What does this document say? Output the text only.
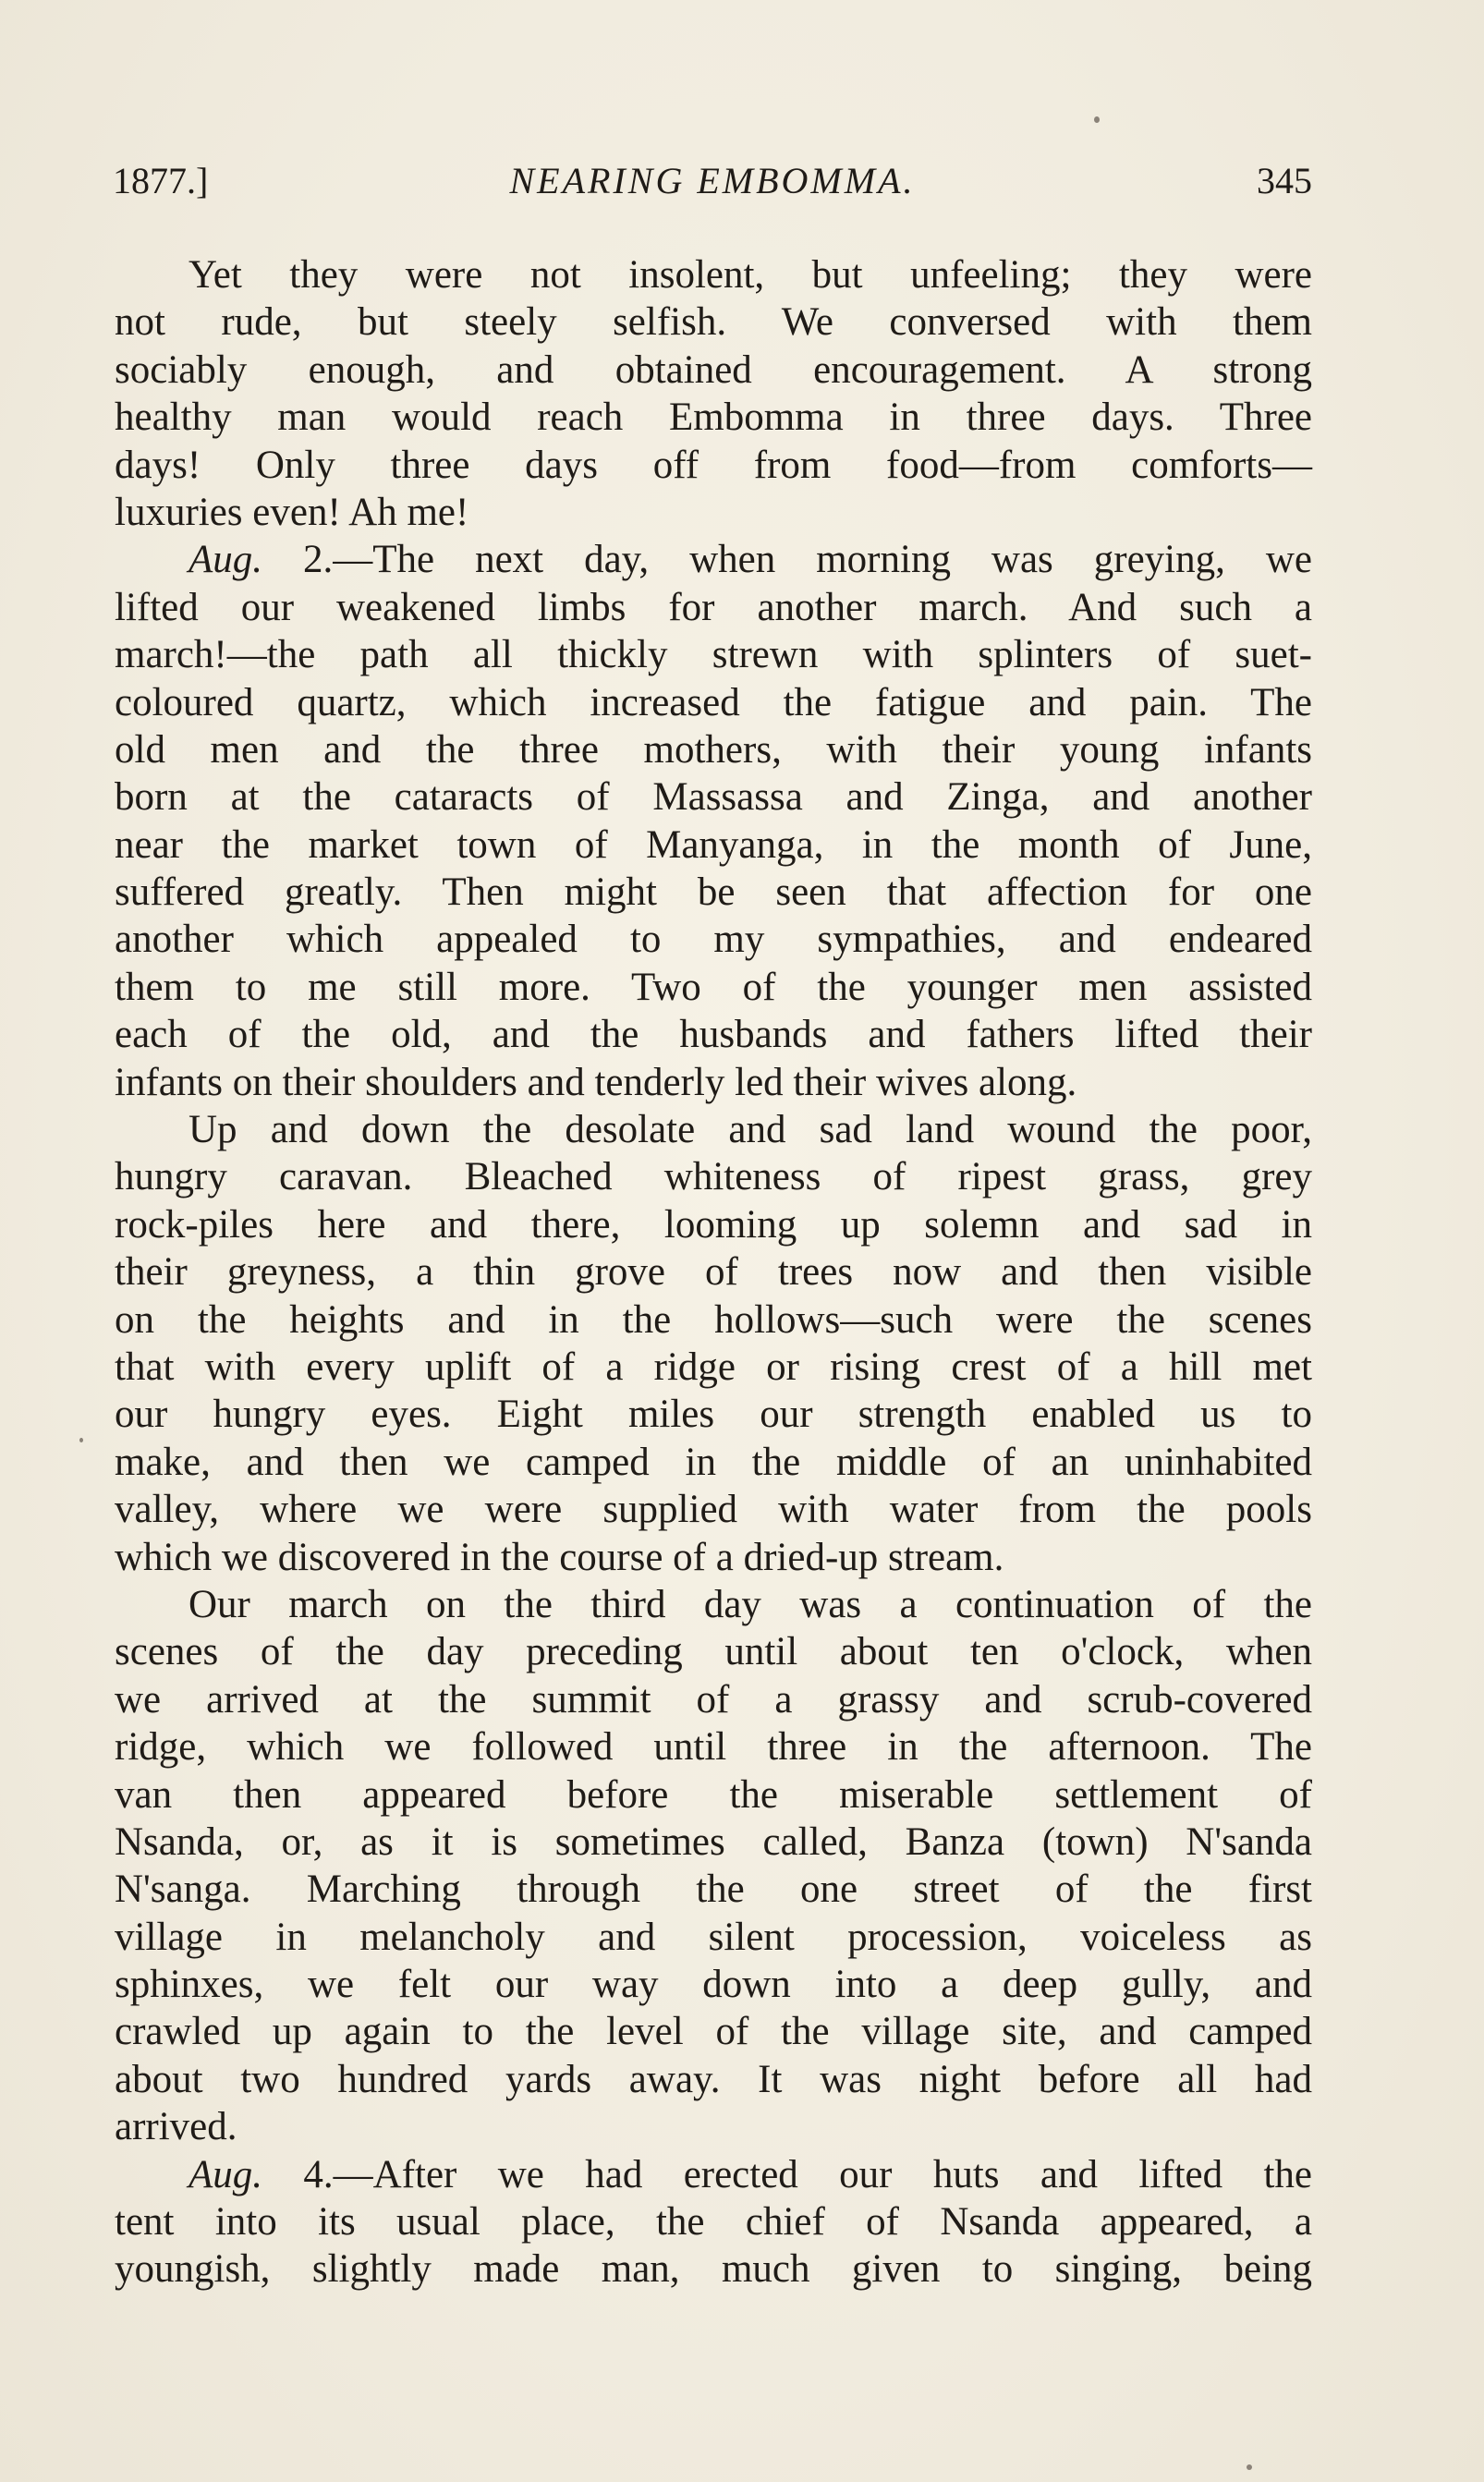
1877.]	NEARING EMBOMMA.	345
Yet they were not insolent, but unfeeling; they were
not rude, but steely selfish. We conversed with them
sociably enough, and obtained encouragement. A strong
healthy man would reach Embomma in three days. Three
days! Only three days off from food—from comforts—
luxuries even! Ah me!
Aug. 2.—The next day, when morning was greying, we
lifted our weakened limbs for another march. And such a
march!—the path all thickly strewn with splinters of suet-
coloured quartz, which increased the fatigue and pain. The
old men and the three mothers, with their young infants
born at the cataracts of Massassa and Zinga, and another
near the market town of Manyanga, in the month of June,
suffered greatly. Then might be seen that affection for one
another which appealed to my sympathies, and endeared
them to me still more. Two of the younger men assisted
each of the old, and the husbands and fathers lifted their
infants on their shoulders and tenderly led their wives along.
Up and down the desolate and sad land wound the poor,
hungry caravan. Bleached whiteness of ripest grass, grey
rock-piles here and there, looming up solemn and sad in
their greyness, a thin grove of trees now and then visible
on the heights and in the hollows—such were the scenes
that with every uplift of a ridge or rising crest of a hill met
our hungry eyes. Eight miles our strength enabled us to
make, and then we camped in the middle of an uninhabited
valley, where we were supplied with water from the pools
which we discovered in the course of a dried-up stream.
Our march on the third day was a continuation of the
scenes of the day preceding until about ten o'clock, when
we arrived at the summit of a grassy and scrub-covered
ridge, which we followed until three in the afternoon. The
van then appeared before the miserable settlement of
Nsanda, or, as it is sometimes called, Banza (town) N'sanda
N'sanga. Marching through the one street of the first
village in melancholy and silent procession, voiceless as
sphinxes, we felt our way down into a deep gully, and
crawled up again to the level of the village site, and camped
about two hundred yards away. It was night before all had
arrived.
Aug. 4.—After we had erected our huts and lifted the
tent into its usual place, the chief of Nsanda appeared, a
youngish, slightly made man, much given to singing, being
